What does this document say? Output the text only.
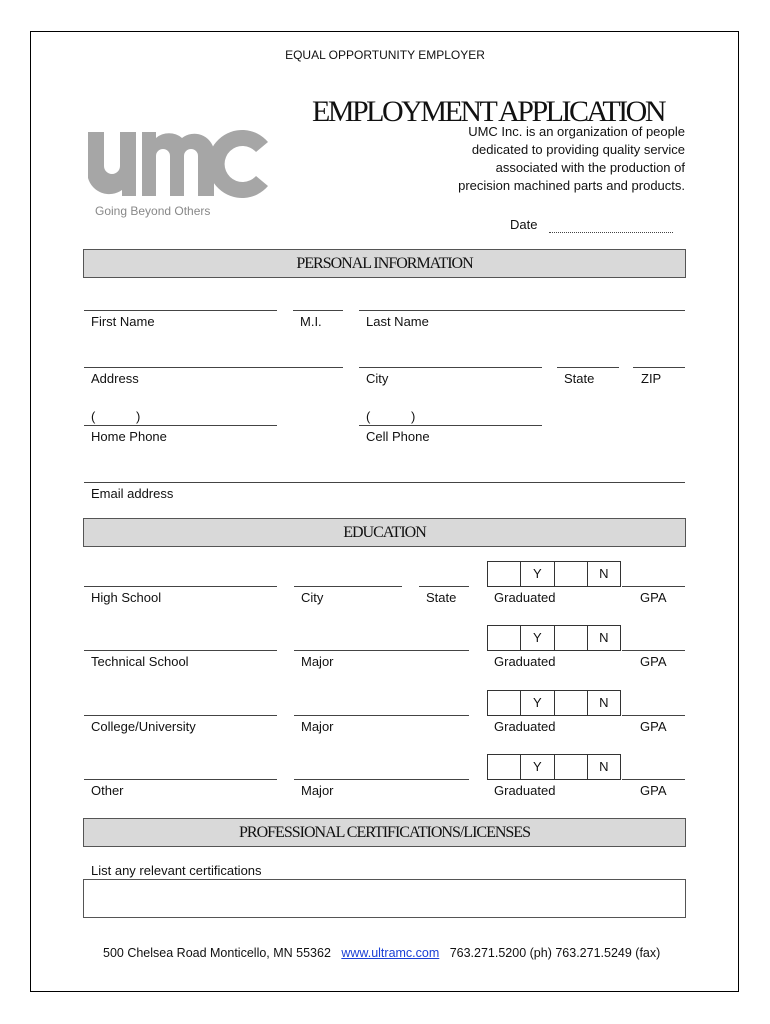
EQUAL OPPORTUNITY EMPLOYER
EMPLOYMENT APPLICATION
UMC Inc. is an organization of people
dedicated to providing quality service
associated with the production of
precision machined parts and products.
Going Beyond Others
Date
PERSONAL INFORMATION
First Name	M.I.	Last Name
Address	City	State	ZIP
(	)	(	)
Home Phone	Cell Phone
Email address
EDUCATION
Y	N
High School	City	State	Graduated	GPA
Y	N
Technical School	Major	Graduated	GPA
Y	N
College/University	Major	Graduated	GPA
Y	N
Other	Major	Graduated	GPA
PROFESSIONAL CERTIFICATIONS/LICENSES
List any relevant certifications
500 Chelsea Road Monticello, MN 55362 www.ultramc.com 763.271.5200 (ph) 763.271.5249 (fax)
